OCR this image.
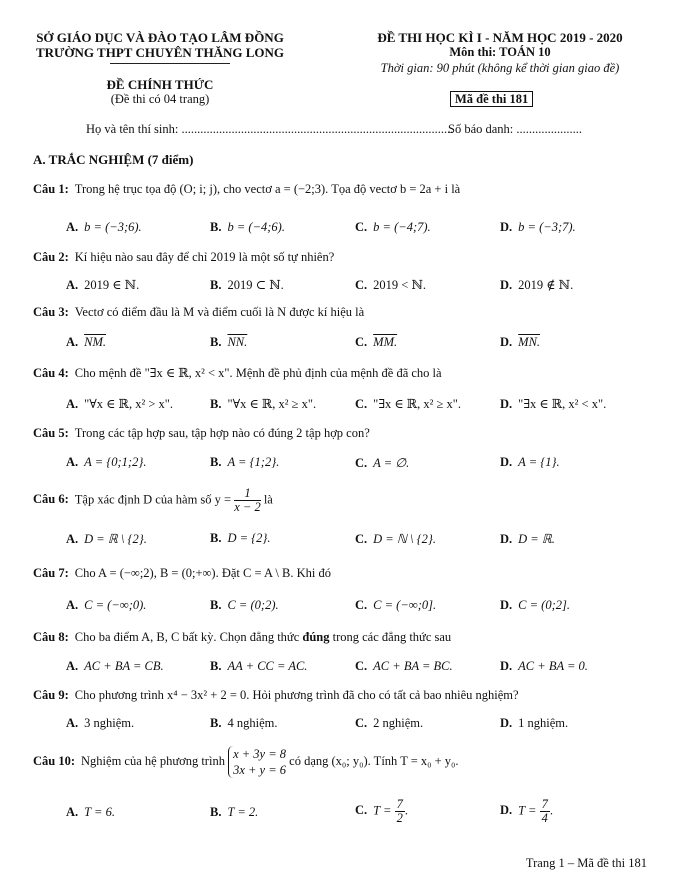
SỞ GIÁO DỤC VÀ ĐÀO TẠO LÂM ĐỒNG
TRƯỜNG THPT CHUYÊN THĂNG LONG
ĐỀ THI HỌC KÌ I - NĂM HỌC 2019 - 2020
Môn thi: TOÁN 10
Thời gian: 90 phút (không kể thời gian giao đề)
ĐỀ CHÍNH THỨC
(Đề thi có 04 trang)	Mã đề thi 181
Họ và tên thí sinh: .......................................................................................
Số báo danh: .....................
A. TRẮC NGHIỆM (7 điểm)
Câu 1: Trong hệ trục tọa độ (O; i; j), cho vectơ a = (−2;3). Tọa độ vectơ b = 2a + i là
A. b = (−3;6).	B. b = (−4;6).	C. b = (−4;7).	D. b = (−3;7).
Câu 2: Kí hiệu nào sau đây để chỉ 2019 là một số tự nhiên?
A. 2019 ∈ ℕ.	B. 2019 ⊂ ℕ.	C. 2019 < ℕ.	D. 2019 ∉ ℕ.
Câu 3: Vectơ có điểm đầu là M và điểm cuối là N được kí hiệu là
A. NM.	B. NN.	C. MM.	D. MN.
Câu 4: Cho mệnh đề "∃x ∈ ℝ, x² < x". Mệnh đề phủ định của mệnh đề đã cho là
A. "∀x ∈ ℝ, x² > x".	B. "∀x ∈ ℝ, x² ≥ x".	C. "∃x ∈ ℝ, x² ≥ x".	D. "∃x ∈ ℝ, x² < x".
Câu 5: Trong các tập hợp sau, tập hợp nào có đúng 2 tập hợp con?
A. A = {0;1;2}.	B. A = {1;2}.	C. A = ∅.	D. A = {1}.
Câu 6: Tập xác định D của hàm số $y = \frac{1}{x - 2}$ là
A. D = ℝ \ {2}.	B. D = {2}.	C. D = ℕ \ {2}.	D. D = ℝ.
Câu 7: Cho A = (−∞;2), B = (0;+∞). Đặt C = A \ B. Khi đó
A. C = (−∞;0).	B. C = (0;2).	C. C = (−∞;0].	D. C = (0;2].
Câu 8: Cho ba điểm A, B, C bất kỳ. Chọn đẳng thức đúng trong các đẳng thức sau
A. AC + BA = CB.	B. AA + CC = AC.	C. AC + BA = BC.	D. AC + BA = 0.
Câu 9: Cho phương trình x⁴ − 3x² + 2 = 0. Hỏi phương trình đã cho có tất cả bao nhiêu nghiệm?
A. 3 nghiệm.	B. 4 nghiệm.	C. 2 nghiệm.	D. 1 nghiệm.
Câu 10: Nghiệm của hệ phương trình x + 3y = 8
3x + y = 6
có dạng (x₀; y₀). Tính T = x₀ + y₀.
A. T = 6.	B. T = 2.	C. $T = \frac{7}{2}$ .	D. $T = \frac{7}{4}$ .
Trang 1 – Mã đề thi 181
